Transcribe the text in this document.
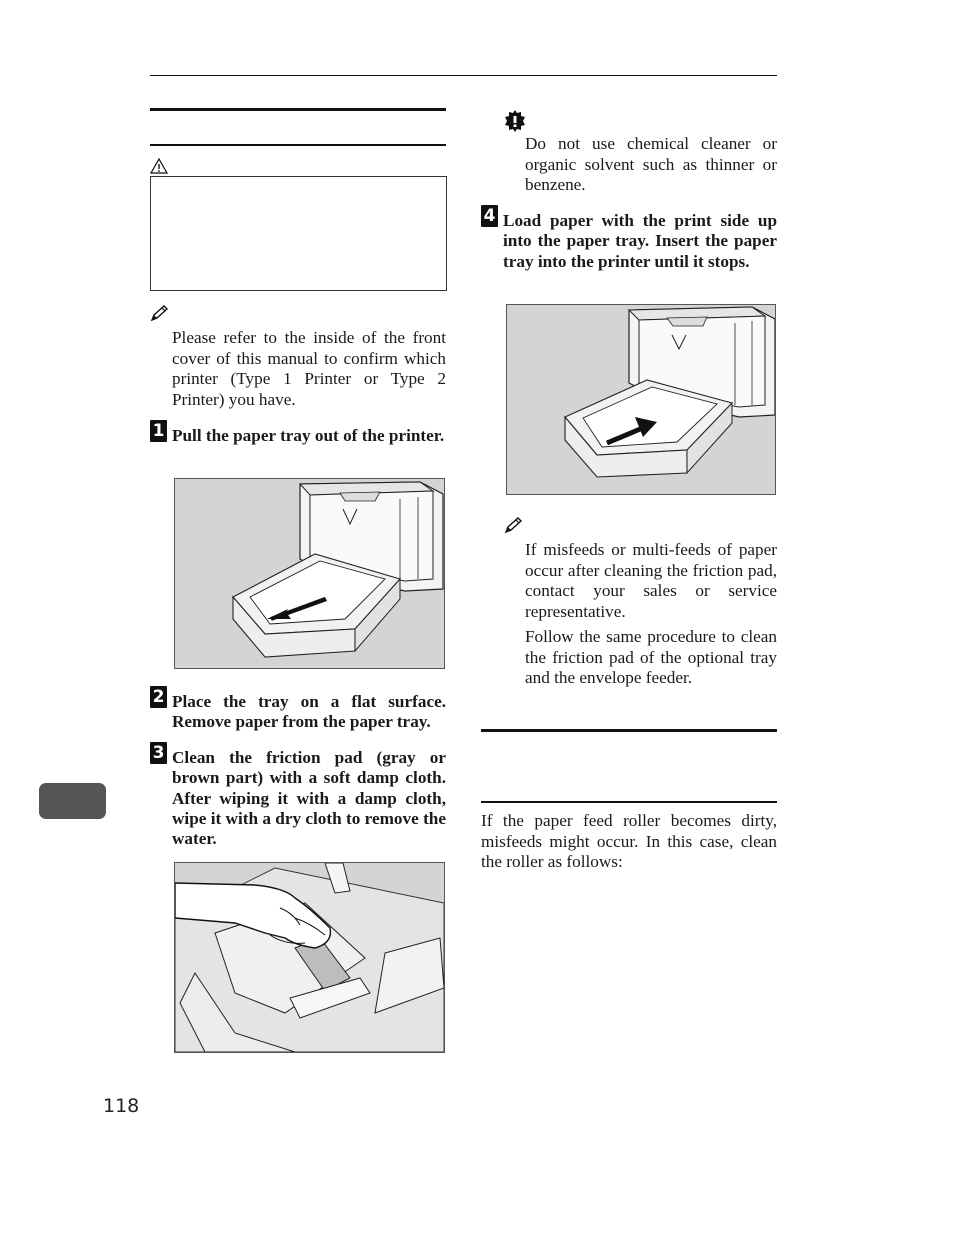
Please refer to the inside of the front cover of this manual to confirm which printer (Type 1 Printer or Type 2 Printer) you have.

1 Pull the paper tray out of the printer.

2 Place the tray on a flat surface. Remove paper from the paper tray.

3 Clean the friction pad (gray or brown part) with a soft damp cloth. After wiping it with a damp cloth, wipe it with a dry cloth to remove the water.

Do not use chemical cleaner or organic solvent such as thinner or benzene.

4 Load paper with the print side up into the paper tray. Insert the paper tray into the printer until it stops.

If misfeeds or multi-feeds of paper occur after cleaning the friction pad, contact your sales or service representative.

Follow the same procedure to clean the friction pad of the optional tray and the envelope feeder.

If the paper feed roller becomes dirty, misfeeds might occur. In this case, clean the roller as follows:

118
